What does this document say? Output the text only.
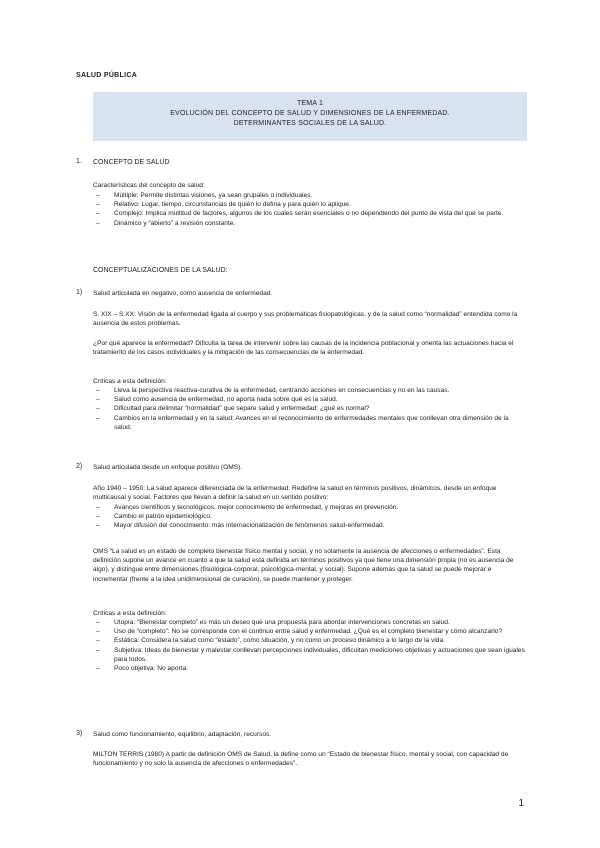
SALUD PÚBLICA
TEMA 1
EVOLUCIÓN DEL CONCEPTO DE SALUD Y DIMENSIONES DE LA ENFERMEDAD.
DETERMINANTES SOCIALES DE LA SALUD.
1. CONCEPTO DE SALUD
Características del concepto de salud:
– Múltiple: Permite distintas visiones, ya sean grupales o individuales.
– Relativo: Lugar, tiempo, circunstancias de quién lo defina y para quién lo aplique.
– Complejo: Implica multitud de factores, algunos de los cuales serán esenciales o no dependiendo del punto de vista del que se parte.
– Dinámico y “abierto” a revisión constante.
CONCEPTUALIZACIONES DE LA SALUD:
1) Salud articulada en negativo, como ausencia de enfermedad.

S. XIX – S.XX: Visión de la enfermedad ligada al cuerpo y sus problemáticas fisiopatológicas, y de la salud como “normalidad” entendida como la ausencia de estos problemas.

¿Por qué aparece la enfermedad? Dificulta la tarea de intervenir sobre las causas de la incidencia poblacional y orienta las actuaciones hacia el tratamiento de los casos individuales y la mitigación de las consecuencias de la enfermedad.

Críticas a esta definición:
– Lleva la perspectiva reactiva-curativa de la enfermedad, centrando acciones en consecuencias y no en las causas.
– Salud como ausencia de enfermedad, no aporta nada sobre qué es la salud.
– Dificultad para delimitar “normalidad” que separe salud y enfermedad: ¿qué es normal?
– Cambios en la enfermedad y en la salud: Avances en el reconocimiento de enfermedades mentales que conllevan otra dimensión de la salud.
2) Salud articulada desde un enfoque positivo (OMS).

Año 1940 – 1950: La salud aparece diferenciada de la enfermedad. Redefine la salud en términos positivos, dinámicos, desde un enfoque multicausal y social. Factores que llevan a definir la salud en un sentido positivo:

– Avances científicos y tecnológicos, mejor conocimiento de enfermedad, y mejoras en prevención.
– Cambio el patrón epidemiológico.
– Mayor difusión del conocimiento: más internacionalización de fenómenos salud-enfermedad.

OMS “La salud es un estado de completo bienestar físico mental y social, y no solamente la ausencia de afecciones o enfermedades”. Esta definición supone un avance en cuanto a que la salud está definida en términos positivos ya que tiene una dimensión propia (no es ausencia de algo), y distingue entre dimensiones (fisiológica-corporal, psicológica-mental, y social). Supone además que la salud se puede mejorar e incrementar (frente a la idea unidimensional de curación), se puede mantener y proteger.

Críticas a esta definición:
– Utopía: “Bienestar completo” es más un deseo que una propuesta para abordar intervenciones concretas en salud.
– Uso de “completo”: No se corresponde con el continuo entre salud y enfermedad. ¿Qué es el completo bienestar y cómo alcanzarlo?
– Estática: Considera la salud como “estado”, como situación, y no como un proceso dinámico a lo largo de la vida.
– Subjetiva: Ideas de bienestar y malestar conllevan percepciones individuales, dificultan mediciones objetivas y actuaciones que sean iguales para todos.
– Poco objetiva: No aporta.
3) Salud como funcionamiento, equilibrio, adaptación, recursos.

MILTON TERRIS (1980) A partir de definición OMS de Salud, la define como un “Estado de bienestar físico, mental y social, con capacidad de funcionamiento y no solo la ausencia de afecciones o enfermedades”.

1
